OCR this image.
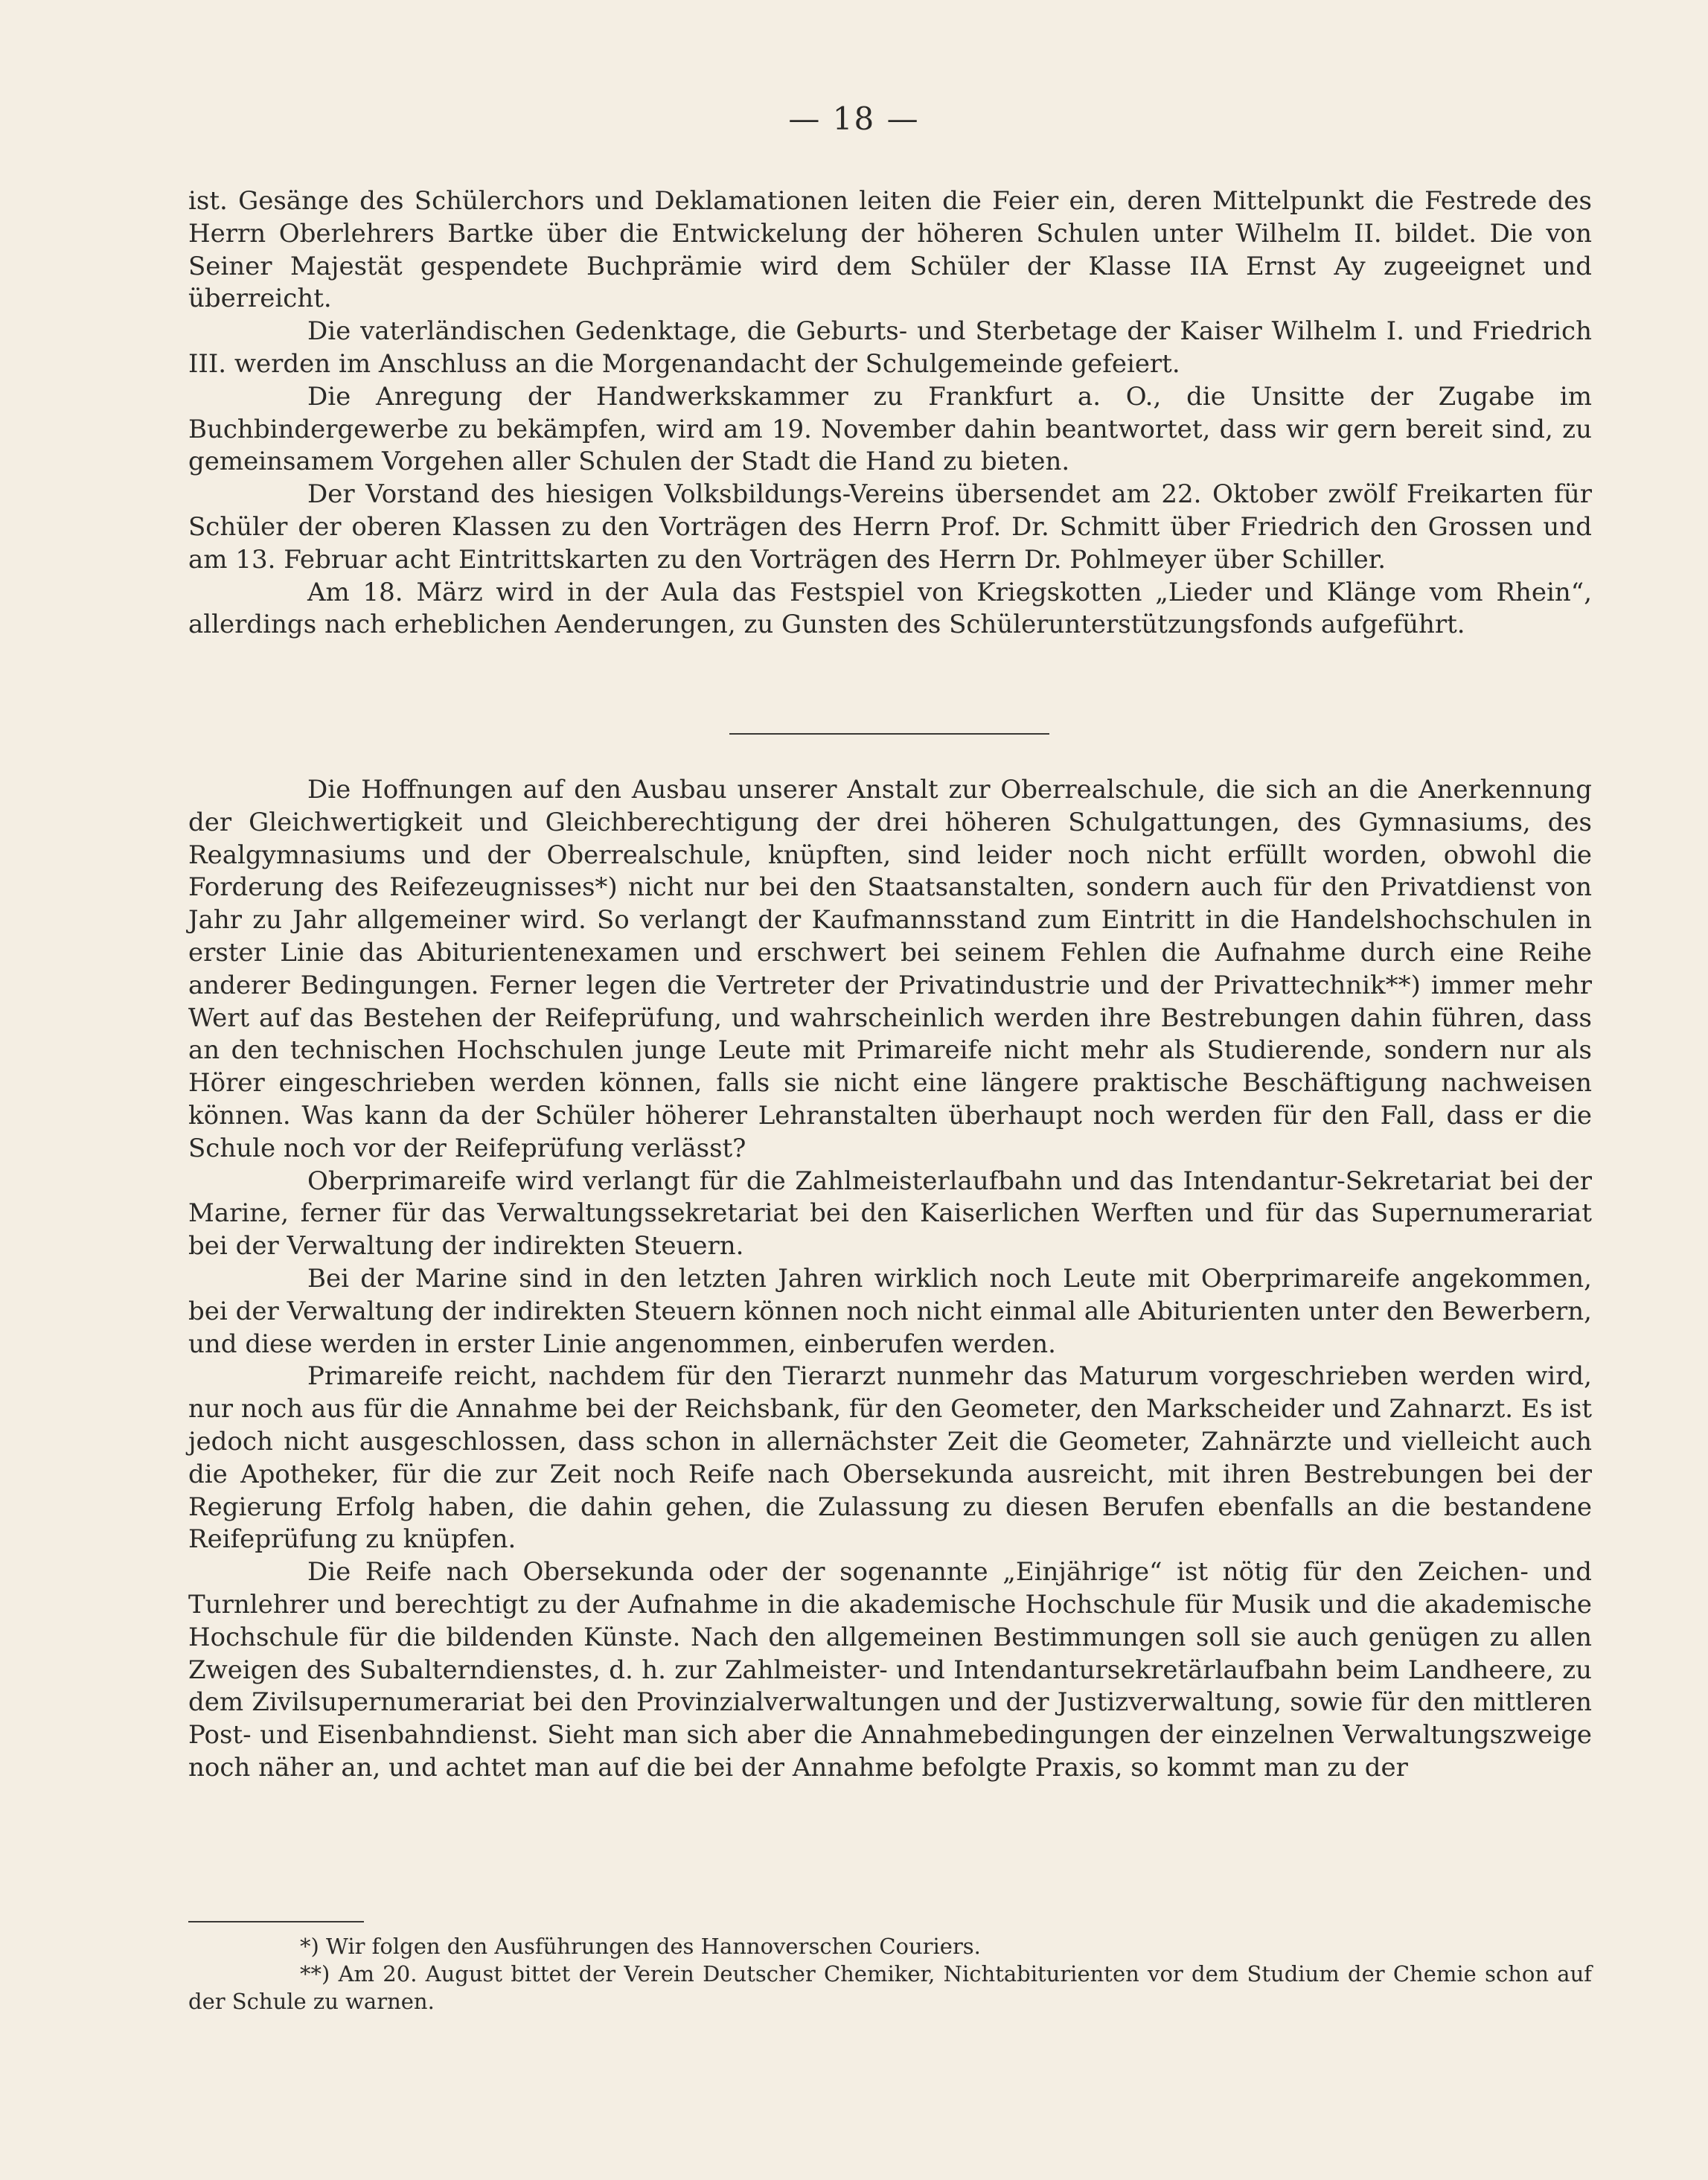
— 18 —

ist. Gesänge des Schülerchors und Deklamationen leiten die Feier ein, deren Mittelpunkt die Festrede des Herrn Oberlehrers Bartke über die Entwickelung der höheren Schulen unter Wilhelm II. bildet. Die von Seiner Majestät gespendete Buchprämie wird dem Schüler der Klasse IIA Ernst Ay zugeeignet und überreicht.

Die vaterländischen Gedenktage, die Geburts- und Sterbetage der Kaiser Wilhelm I. und Friedrich III. werden im Anschluss an die Morgenandacht der Schulgemeinde gefeiert.

Die Anregung der Handwerkskammer zu Frankfurt a. O., die Unsitte der Zugabe im Buchbindergewerbe zu bekämpfen, wird am 19. November dahin beantwortet, dass wir gern bereit sind, zu gemeinsamem Vorgehen aller Schulen der Stadt die Hand zu bieten.

Der Vorstand des hiesigen Volksbildungs-Vereins übersendet am 22. Oktober zwölf Freikarten für Schüler der oberen Klassen zu den Vorträgen des Herrn Prof. Dr. Schmitt über Friedrich den Grossen und am 13. Februar acht Eintrittskarten zu den Vorträgen des Herrn Dr. Pohlmeyer über Schiller.

Am 18. März wird in der Aula das Festspiel von Kriegskotten „Lieder und Klänge vom Rhein“, allerdings nach erheblichen Aenderungen, zu Gunsten des Schülerunterstützungsfonds aufgeführt.

Die Hoffnungen auf den Ausbau unserer Anstalt zur Oberrealschule, die sich an die Anerkennung der Gleichwertigkeit und Gleichberechtigung der drei höheren Schulgattungen, des Gymnasiums, des Realgymnasiums und der Oberrealschule, knüpften, sind leider noch nicht erfüllt worden, obwohl die Forderung des Reifezeugnisses*) nicht nur bei den Staatsanstalten, sondern auch für den Privatdienst von Jahr zu Jahr allgemeiner wird. So verlangt der Kaufmannsstand zum Eintritt in die Handelshochschulen in erster Linie das Abiturientenexamen und erschwert bei seinem Fehlen die Aufnahme durch eine Reihe anderer Bedingungen. Ferner legen die Vertreter der Privatindustrie und der Privattechnik**) immer mehr Wert auf das Bestehen der Reifeprüfung, und wahrscheinlich werden ihre Bestrebungen dahin führen, dass an den technischen Hochschulen junge Leute mit Primareife nicht mehr als Studierende, sondern nur als Hörer eingeschrieben werden können, falls sie nicht eine längere praktische Beschäftigung nachweisen können. Was kann da der Schüler höherer Lehranstalten überhaupt noch werden für den Fall, dass er die Schule noch vor der Reifeprüfung verlässt?

Oberprimareife wird verlangt für die Zahlmeisterlaufbahn und das Intendantur-Sekretariat bei der Marine, ferner für das Verwaltungssekretariat bei den Kaiserlichen Werften und für das Supernumerariat bei der Verwaltung der indirekten Steuern.

Bei der Marine sind in den letzten Jahren wirklich noch Leute mit Oberprimareife angekommen, bei der Verwaltung der indirekten Steuern können noch nicht einmal alle Abiturienten unter den Bewerbern, und diese werden in erster Linie angenommen, einberufen werden.

Primareife reicht, nachdem für den Tierarzt nunmehr das Maturum vorgeschrieben werden wird, nur noch aus für die Annahme bei der Reichsbank, für den Geometer, den Markscheider und Zahnarzt. Es ist jedoch nicht ausgeschlossen, dass schon in allernächster Zeit die Geometer, Zahnärzte und vielleicht auch die Apotheker, für die zur Zeit noch Reife nach Obersekunda ausreicht, mit ihren Bestrebungen bei der Regierung Erfolg haben, die dahin gehen, die Zulassung zu diesen Berufen ebenfalls an die bestandene Reifeprüfung zu knüpfen.

Die Reife nach Obersekunda oder der sogenannte „Einjährige“ ist nötig für den Zeichen- und Turnlehrer und berechtigt zu der Aufnahme in die akademische Hochschule für Musik und die akademische Hochschule für die bildenden Künste. Nach den allgemeinen Bestimmungen soll sie auch genügen zu allen Zweigen des Subalterndienstes, d. h. zur Zahlmeister- und Intendantursekretärlaufbahn beim Landheere, zu dem Zivilsupernumerariat bei den Provinzialverwaltungen und der Justizverwaltung, sowie für den mittleren Post- und Eisenbahndienst. Sieht man sich aber die Annahmebedingungen der einzelnen Verwaltungszweige noch näher an, und achtet man auf die bei der Annahme befolgte Praxis, so kommt man zu der

*) Wir folgen den Ausführungen des Hannoverschen Couriers.

**) Am 20. August bittet der Verein Deutscher Chemiker, Nichtabiturienten vor dem Studium der Chemie schon auf der Schule zu warnen.
